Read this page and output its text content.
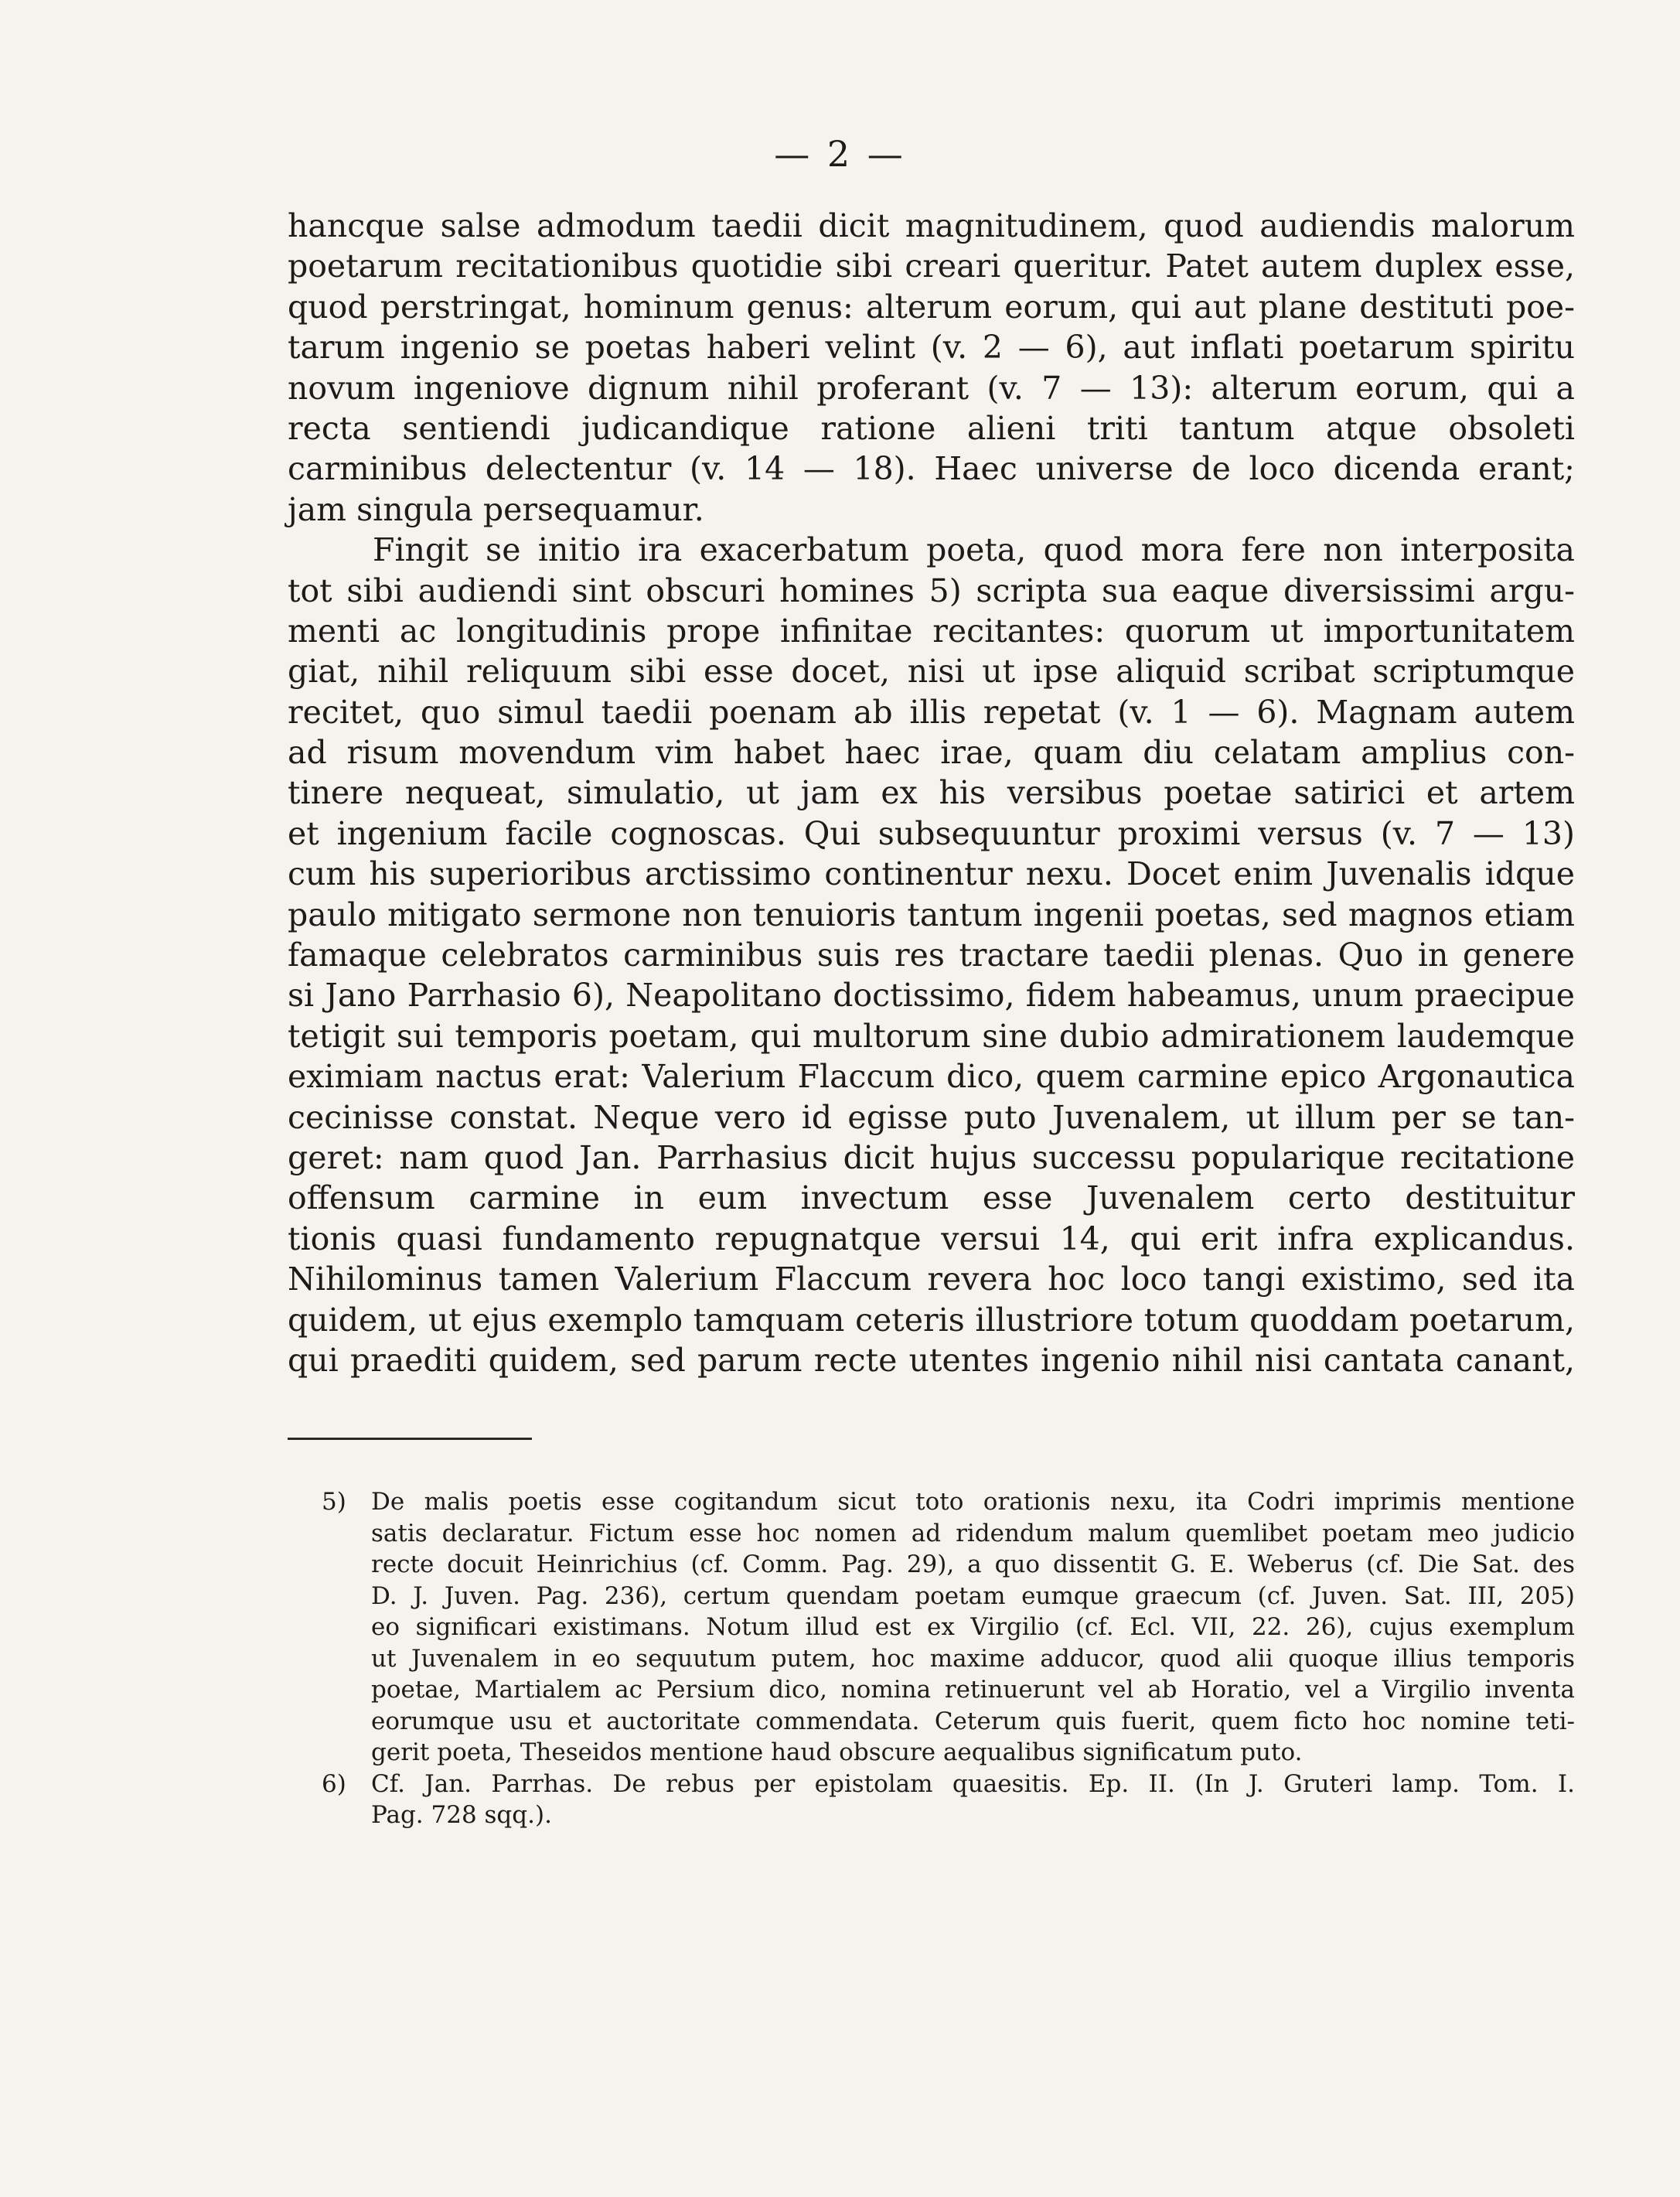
— 2 —
hancque salse admodum taedii dicit magnitudinem, quod audiendis malorum
poetarum recitationibus quotidie sibi creari queritur. Patet autem duplex esse,
quod perstringat, hominum genus: alterum eorum, qui aut plane destituti poe-
tarum ingenio se poetas haberi velint (v. 2 — 6), aut inflati poetarum spiritu
novum ingeniove dignum nihil proferant (v. 7 — 13): alterum eorum, qui a
recta sentiendi judicandique ratione alieni triti tantum atque obsoleti
carminibus delectentur (v. 14 — 18). Haec universe de loco dicenda erant;
jam singula persequamur.
Fingit se initio ira exacerbatum poeta, quod mora fere non interposita
tot sibi audiendi sint obscuri homines 5) scripta sua eaque diversissimi argu-
menti ac longitudinis prope infinitae recitantes: quorum ut importunitatem
giat, nihil reliquum sibi esse docet, nisi ut ipse aliquid scribat scriptumque
recitet, quo simul taedii poenam ab illis repetat (v. 1 — 6). Magnam autem
ad risum movendum vim habet haec irae, quam diu celatam amplius con-
tinere nequeat, simulatio, ut jam ex his versibus poetae satirici et artem
et ingenium facile cognoscas. Qui subsequuntur proximi versus (v. 7 — 13)
cum his superioribus arctissimo continentur nexu. Docet enim Juvenalis idque
paulo mitigato sermone non tenuioris tantum ingenii poetas, sed magnos etiam
famaque celebratos carminibus suis res tractare taedii plenas. Quo in genere
si Jano Parrhasio 6), Neapolitano doctissimo, fidem habeamus, unum praecipue
tetigit sui temporis poetam, qui multorum sine dubio admirationem laudemque
eximiam nactus erat: Valerium Flaccum dico, quem carmine epico Argonautica
cecinisse constat. Neque vero id egisse puto Juvenalem, ut illum per se tan-
geret: nam quod Jan. Parrhasius dicit hujus successu popularique recitatione
offensum carmine in eum invectum esse Juvenalem certo destituitur
tionis quasi fundamento repugnatque versui 14, qui erit infra explicandus.
Nihilominus tamen Valerium Flaccum revera hoc loco tangi existimo, sed ita
quidem, ut ejus exemplo tamquam ceteris illustriore totum quoddam poetarum,
qui praediti quidem, sed parum recte utentes ingenio nihil nisi cantata canant,
5) De malis poetis esse cogitandum sicut toto orationis nexu, ita Codri imprimis mentione
satis declaratur. Fictum esse hoc nomen ad ridendum malum quemlibet poetam meo judicio
recte docuit Heinrichius (cf. Comm. Pag. 29), a quo dissentit G. E. Weberus (cf. Die Sat. des
D. J. Juven. Pag. 236), certum quendam poetam eumque graecum (cf. Juven. Sat. III, 205)
eo significari existimans. Notum illud est ex Virgilio (cf. Ecl. VII, 22. 26), cujus exemplum
ut Juvenalem in eo sequutum putem, hoc maxime adducor, quod alii quoque illius temporis
poetae, Martialem ac Persium dico, nomina retinuerunt vel ab Horatio, vel a Virgilio inventa
eorumque usu et auctoritate commendata. Ceterum quis fuerit, quem ficto hoc nomine teti-
gerit poeta, Theseidos mentione haud obscure aequalibus significatum puto.
6) Cf. Jan. Parrhas. De rebus per epistolam quaesitis. Ep. II. (In J. Gruteri lamp. Tom. I.
Pag. 728 sqq.).
